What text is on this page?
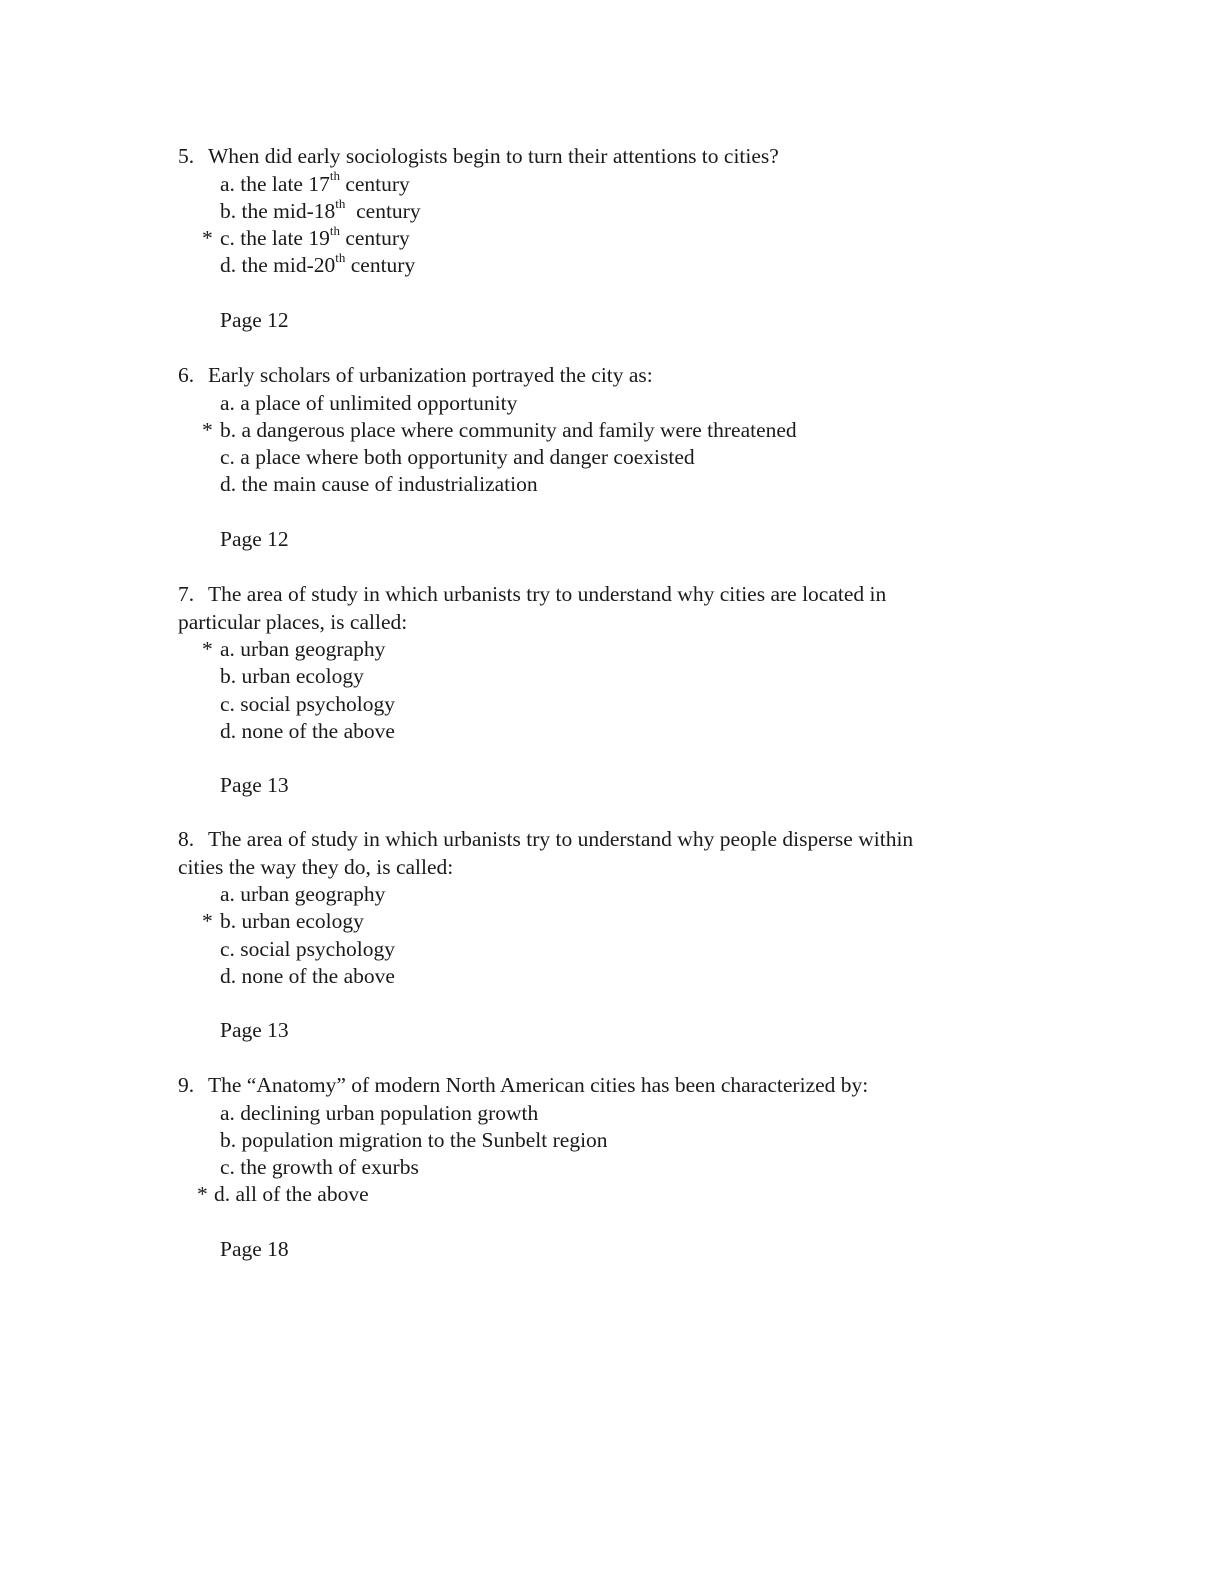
5. When did early sociologists begin to turn their attentions to cities?
a. the late 17th century
b. the mid-18th  century
* c. the late 19th century
d. the mid-20th century
Page 12
6. Early scholars of urbanization portrayed the city as:
a. a place of unlimited opportunity
* b. a dangerous place where community and family were threatened
c. a place where both opportunity and danger coexisted
d. the main cause of industrialization
Page 12
7. The area of study in which urbanists try to understand why cities are located in
particular places, is called:
* a. urban geography
b. urban ecology
c. social psychology
d. none of the above
Page 13
8. The area of study in which urbanists try to understand why people disperse within
cities the way they do, is called:
a. urban geography
* b. urban ecology
c. social psychology
d. none of the above
Page 13
9. The “Anatomy” of modern North American cities has been characterized by:
a. declining urban population growth
b. population migration to the Sunbelt region
c. the growth of exurbs
* d. all of the above
Page 18
